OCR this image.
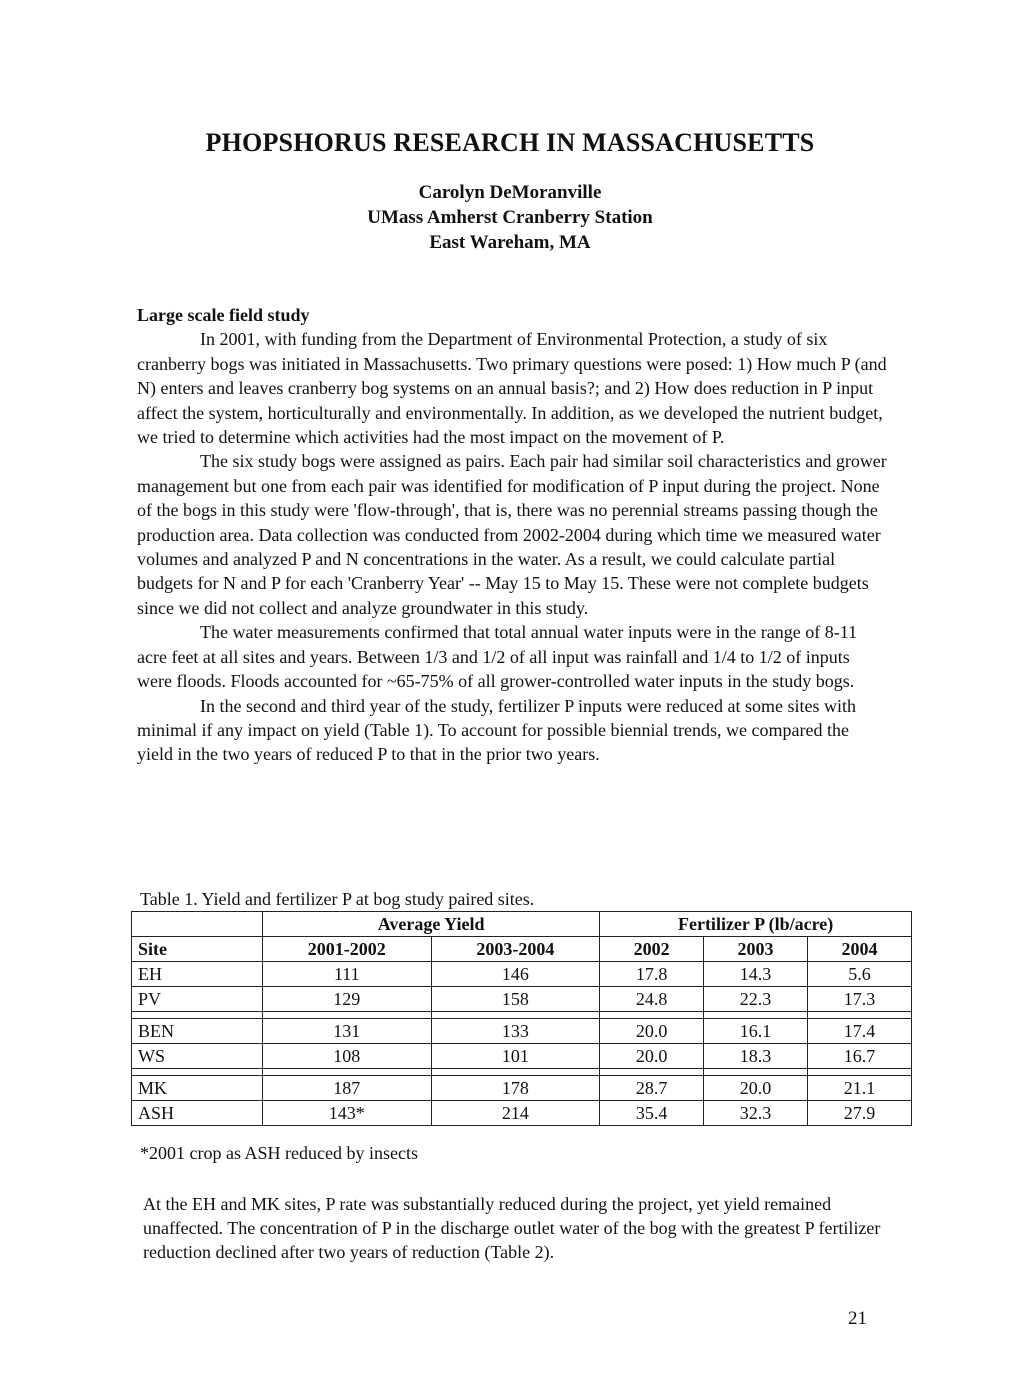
PHOPSHORUS RESEARCH IN MASSACHUSETTS
Carolyn DeMoranville
UMass Amherst Cranberry Station
East Wareham, MA
Large scale field study

In 2001, with funding from the Department of Environmental Protection, a study of six cranberry bogs was initiated in Massachusetts. Two primary questions were posed: 1) How much P (and N) enters and leaves cranberry bog systems on an annual basis?; and 2) How does reduction in P input affect the system, horticulturally and environmentally. In addition, as we developed the nutrient budget, we tried to determine which activities had the most impact on the movement of P.

The six study bogs were assigned as pairs. Each pair had similar soil characteristics and grower management but one from each pair was identified for modification of P input during the project. None of the bogs in this study were 'flow-through', that is, there was no perennial streams passing though the production area. Data collection was conducted from 2002-2004 during which time we measured water volumes and analyzed P and N concentrations in the water. As a result, we could calculate partial budgets for N and P for each 'Cranberry Year' -- May 15 to May 15. These were not complete budgets since we did not collect and analyze groundwater in this study.

The water measurements confirmed that total annual water inputs were in the range of 8-11 acre feet at all sites and years. Between 1/3 and 1/2 of all input was rainfall and 1/4 to 1/2 of inputs were floods. Floods accounted for ~65-75% of all grower-controlled water inputs in the study bogs.

In the second and third year of the study, fertilizer P inputs were reduced at some sites with minimal if any impact on yield (Table 1). To account for possible biennial trends, we compared the yield in the two years of reduced P to that in the prior two years.

Table 1. Yield and fertilizer P at bog study paired sites.
	Average Yield		Fertilizer P (lb/acre)		
Site	2001-2002	2003-2004	2002	2003	2004
EH	111	146	17.8	14.3	5.6
PV	129	158	24.8	22.3	17.3

BEN	131	133	20.0	16.1	17.4
WS	108	101	20.0	18.3	16.7

MK	187	178	28.7	20.0	21.1
ASH	143*	214	35.4	32.3	27.9
*2001 crop as ASH reduced by insects

At the EH and MK sites, P rate was substantially reduced during the project, yet yield remained unaffected. The concentration of P in the discharge outlet water of the bog with the greatest P fertilizer reduction declined after two years of reduction (Table 2).

21
